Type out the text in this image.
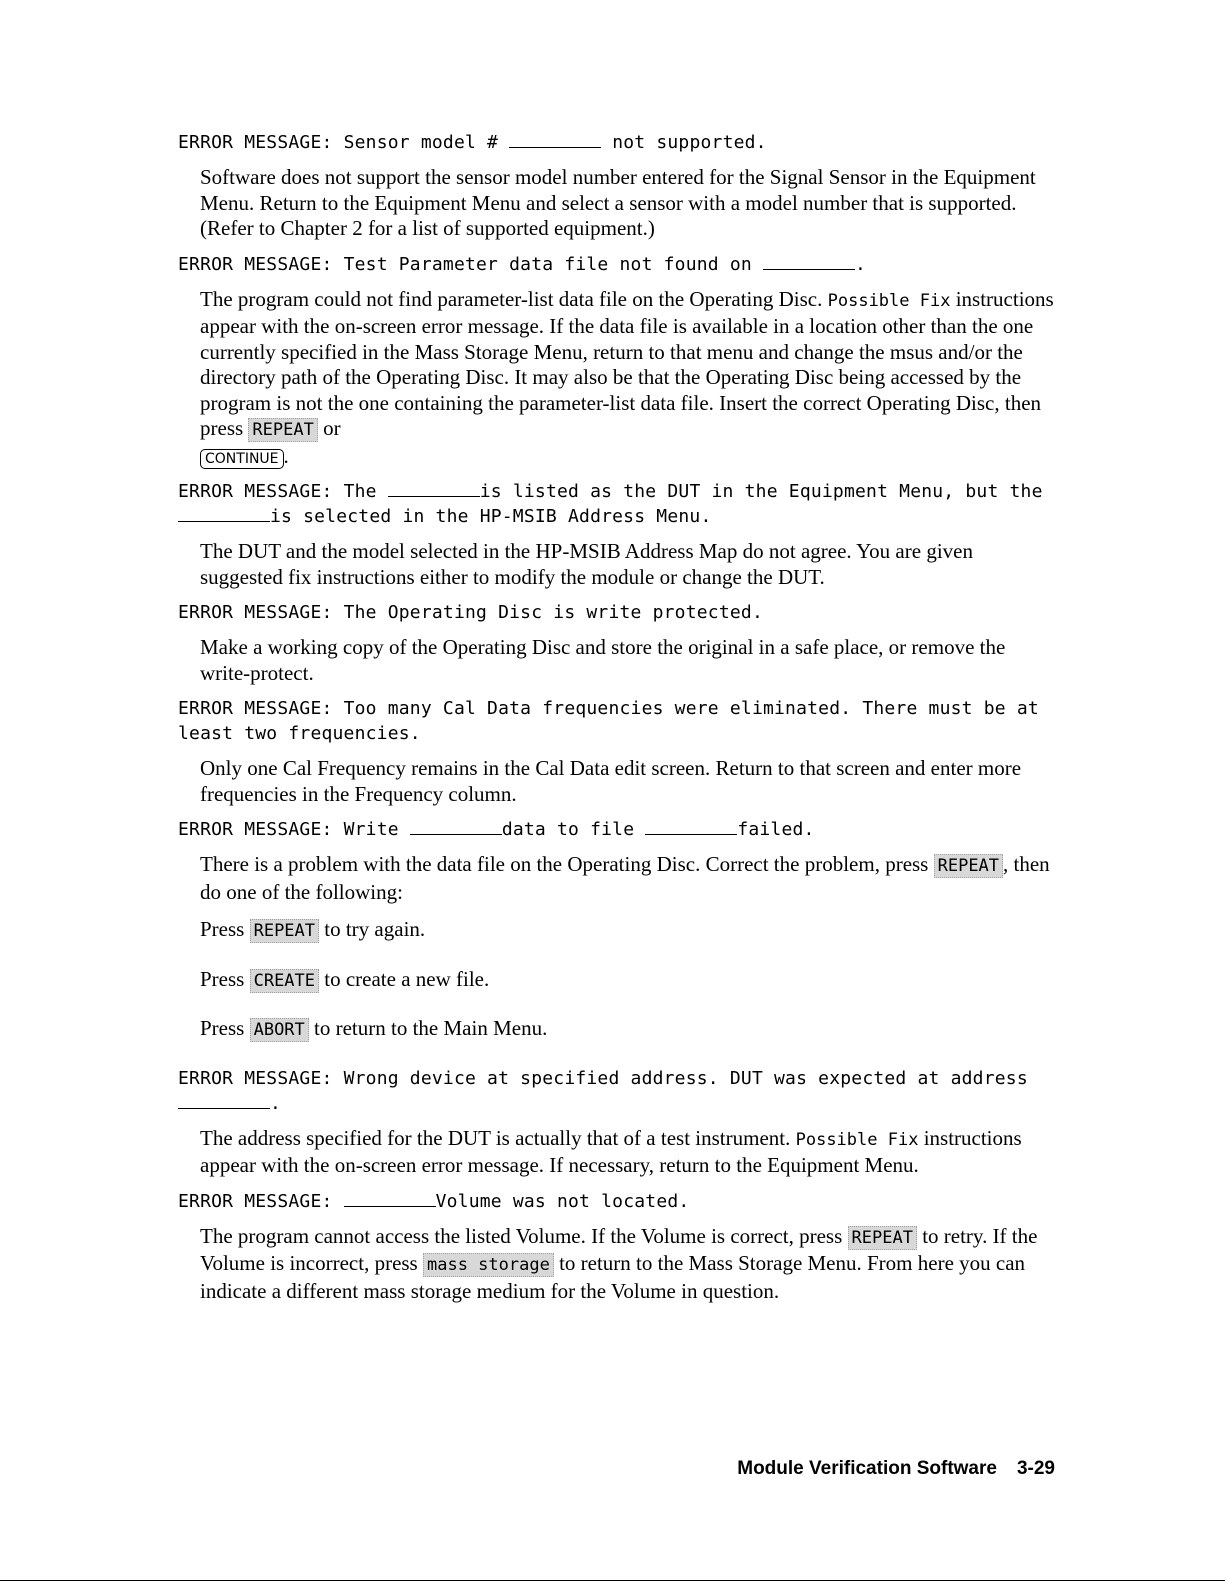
ERROR MESSAGE: Sensor model #	not supported.

Software does not support the sensor model number entered for the Signal Sensor in the Equipment Menu. Return to the Equipment Menu and select a sensor with a model number that is supported. (Refer to Chapter 2 for a list of supported equipment.)

ERROR MESSAGE: Test Parameter data file not found on	.

The program could not find parameter-list data file on the Operating Disc. Possible Fix instructions appear with the on-screen error message. If the data file is available in a location other than the one currently specified in the Mass Storage Menu, return to that menu and change the msus and/or the directory path of the Operating Disc. It may also be that the Operating Disc being accessed by the program is not the one containing the parameter-list data file. Insert the correct Operating Disc, then press REPEAT or
CONTINUE .

ERROR MESSAGE: The	is listed as the DUT in the Equipment Menu, but the
is selected in the HP-MSIB Address Menu.

The DUT and the model selected in the HP-MSIB Address Map do not agree. You are given suggested fix instructions either to modify the module or change the DUT.

ERROR MESSAGE: The Operating Disc is write protected.

Make a working copy of the Operating Disc and store the original in a safe place, or remove the write-protect.

ERROR MESSAGE: Too many Cal Data frequencies were eliminated. There must be at least two frequencies.

Only one Cal Frequency remains in the Cal Data edit screen. Return to that screen and enter more frequencies in the Frequency column.

ERROR MESSAGE: Write	data to file	failed.

There is a problem with the data file on the Operating Disc. Correct the problem, press REPEAT , then do one of the following:

Press REPEAT to try again.

Press CREATE to create a new file.

Press ABORT to return to the Main Menu.

ERROR MESSAGE: Wrong device at specified address. DUT was expected at address
.

The address specified for the DUT is actually that of a test instrument. Possible Fix instructions appear with the on-screen error message. If necessary, return to the Equipment Menu.

ERROR MESSAGE:	Volume was not located.

The program cannot access the listed Volume. If the Volume is correct, press REPEAT to retry. If the Volume is incorrect, press mass storage to return to the Mass Storage Menu. From here you can indicate a different mass storage medium for the Volume in question.

Module Verification Software 3-29
